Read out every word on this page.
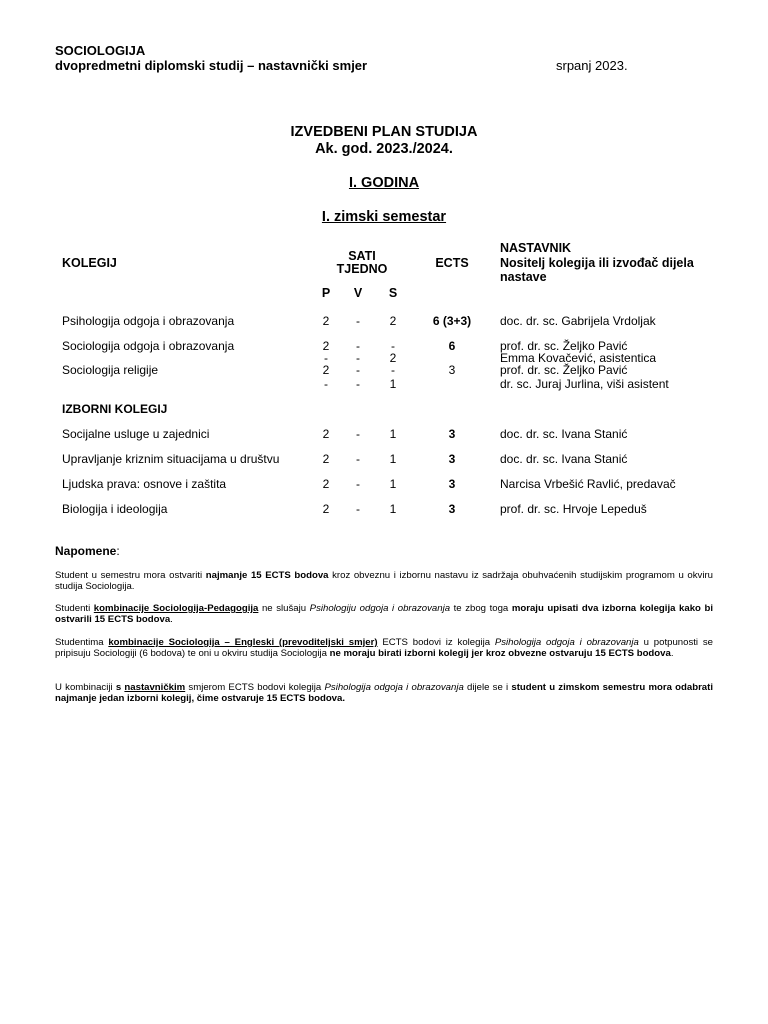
SOCIOLOGIJA
dvopredmetni diplomski studij – nastavnički smjer	srpanj 2023.
IZVEDBENI PLAN STUDIJA
Ak. god. 2023./2024.
I. GODINA
I. zimski semestar
KOLEGIJ	SATI
TJEDNO	ECTS
NASTAVNIK
Nositelj kolegija ili izvođač dijela
nastave
P	V	S
Psihologija odgoja i obrazovanja	2	-	2	6 (3+3)	doc. dr. sc. Gabrijela Vrdoljak
Sociologija odgoja i obrazovanja	2	-	-	6	prof. dr. sc. Željko Pavić
-	-	2	Emma Kovačević, asistentica
Sociologija religije	2	-	-	3	prof. dr. sc. Željko Pavić
-	-	1	dr. sc. Juraj Jurlina, viši asistent
IZBORNI KOLEGIJ
Socijalne usluge u zajednici	2	-	1	3	doc. dr. sc. Ivana Stanić
Upravljanje kriznim situacijama u društvu	2	-	1	3	doc. dr. sc. Ivana Stanić
Ljudska prava: osnove i zaštita	2	-	1	3	Narcisa Vrbešić Ravlić, predavač
Biologija i ideologija	2	-	1	3	prof. dr. sc. Hrvoje Lepeduš
Napomene:
Student u semestru mora ostvariti najmanje 15 ECTS bodova kroz obveznu i izbornu nastavu iz sadržaja obuhvaćenih studijskim programom u okviru studija Sociologija.
Studenti kombinacije Sociologija-Pedagogija ne slušaju Psihologiju odgoja i obrazovanja te zbog toga moraju upisati dva izborna kolegija kako bi ostvarili 15 ECTS bodova.
Studentima kombinacije Sociologija – Engleski (prevoditeljski smjer) ECTS bodovi iz kolegija Psihologija odgoja i obrazovanja u potpunosti se pripisuju Sociologiji (6 bodova) te oni u okviru studija Sociologija ne moraju birati izborni kolegij jer kroz obvezne ostvaruju 15 ECTS bodova.
U kombinaciji s nastavničkim smjerom ECTS bodovi kolegija Psihologija odgoja i obrazovanja dijele se i student u zimskom semestru mora odabrati najmanje jedan izborni kolegij, čime ostvaruje 15 ECTS bodova.
